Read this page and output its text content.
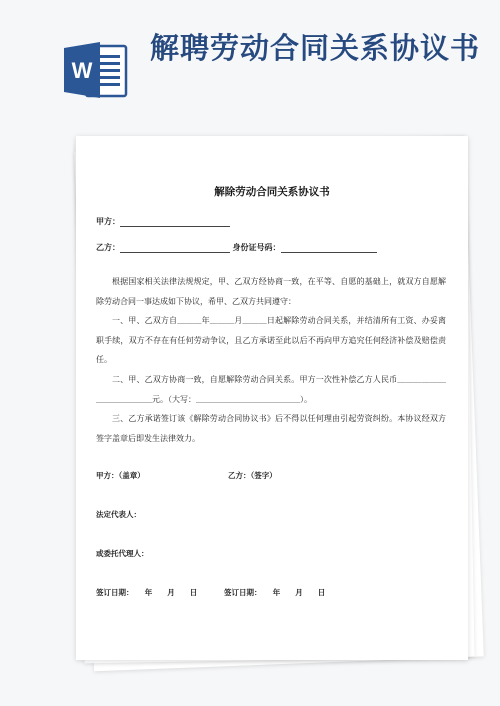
W
解聘劳动合同关系协议书
解除劳动合同关系协议书
甲方：
乙方：	身份证号码：
根据国家相关法律法规规定，甲、乙双方经协商一致，在平等、自愿的基础上，就双方自愿解除劳动合同一事达成如下协议，希甲、乙双方共同遵守：
一、甲、乙双方自＿＿＿年＿＿＿月＿＿＿日起解除劳动合同关系，并结清所有工资、办妥离职手续，双方不存在有任何劳动争议，且乙方承诺至此以后不再向甲方追究任何经济补偿及赔偿责任。
二、甲、乙双方协商一致，自愿解除劳动合同关系。甲方一次性补偿乙方人民币＿＿＿＿＿＿＿＿＿＿＿＿＿元。（大写：＿＿＿＿＿＿＿＿＿＿＿＿＿）。
三、乙方承诺签订该《解除劳动合同协议书》后不得以任何理由引起劳资纠纷。本协议经双方签字盖章后即发生法律效力。
甲方：（盖章）	乙方：（签字）
法定代表人：
或委托代理人：
签订日期：　　年　　月　　日	签订日期：　　年　　月　　日
